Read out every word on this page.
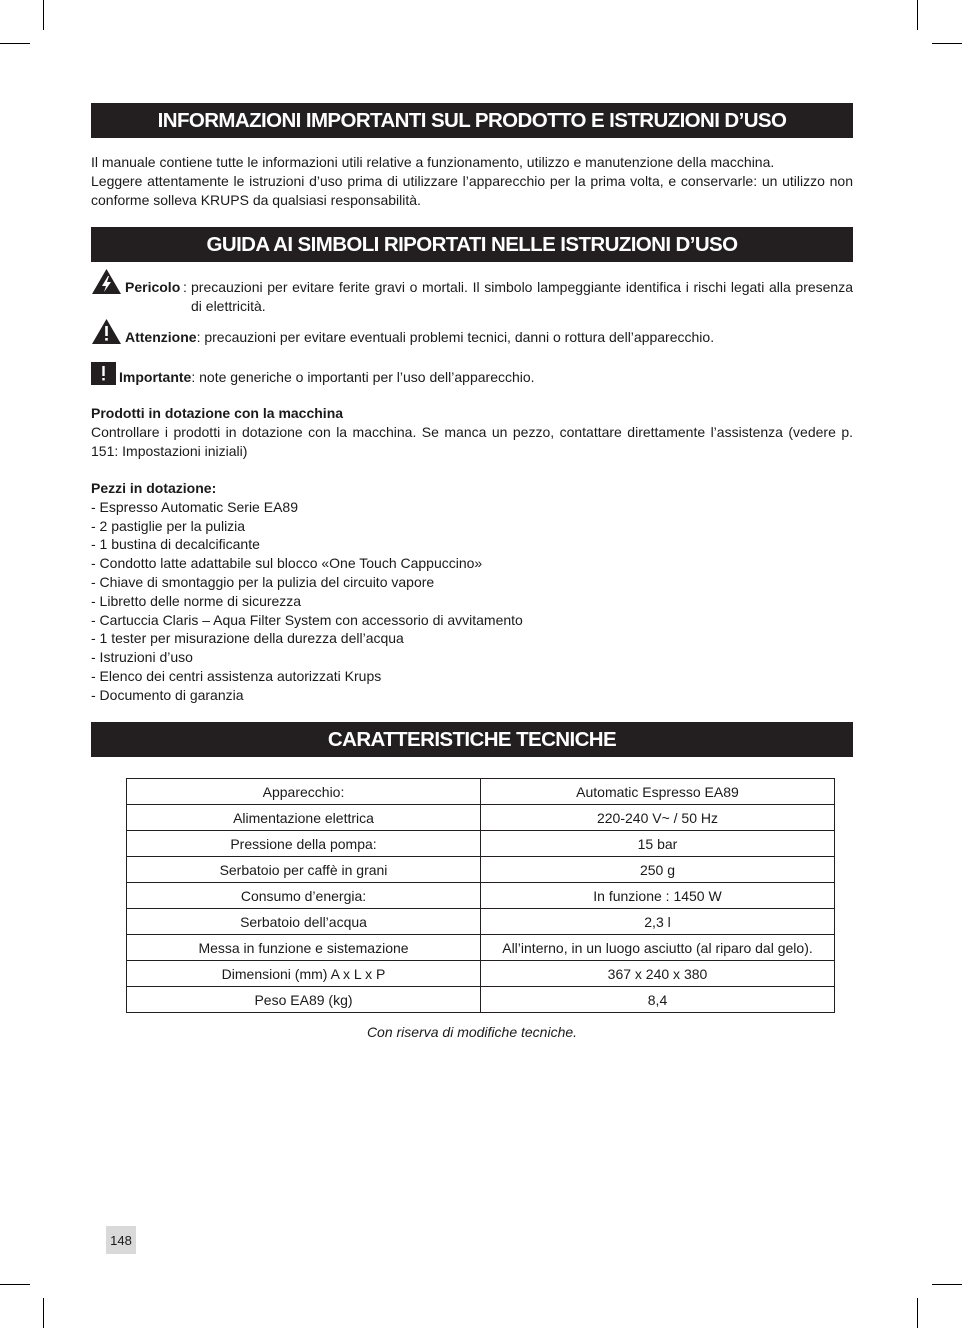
INFORMAZIONI IMPORTANTI SUL PRODOTTO E ISTRUZIONI D’USO

Il manuale contiene tutte le informazioni utili relative a funzionamento, utilizzo e manutenzione della macchina.

Leggere attentamente le istruzioni d’uso prima di utilizzare l’apparecchio per la prima volta, e conservarle: un utilizzo non conforme solleva KRUPS da qualsiasi responsabilità.

GUIDA AI SIMBOLI RIPORTATI NELLE ISTRUZIONI D’USO
Pericolo : precauzioni per evitare ferite gravi o mortali. Il simbolo lampeggiante identifica i rischi legati alla presenza di elettricità.
Attenzione: precauzioni per evitare eventuali problemi tecnici, danni o rottura dell’apparecchio.
Importante: note generiche o importanti per l’uso dell’apparecchio.

Prodotti in dotazione con la macchina

Controllare i prodotti in dotazione con la macchina. Se manca un pezzo, contattare direttamente l’assistenza (vedere p. 151: Impostazioni iniziali)

Pezzi in dotazione:
- Espresso Automatic Serie EA89
- 2 pastiglie per la pulizia
- 1 bustina di decalcificante
- Condotto latte adattabile sul blocco «One Touch Cappuccino»
- Chiave di smontaggio per la pulizia del circuito vapore
- Libretto delle norme di sicurezza
- Cartuccia Claris – Aqua Filter System con accessorio di avvitamento
- 1 tester per misurazione della durezza dell’acqua
- Istruzioni d’uso
- Elenco dei centri assistenza autorizzati Krups
- Documento di garanzia
CARATTERISTICHE TECNICHE
Apparecchio:	Automatic Espresso EA89
Alimentazione elettrica	220-240 V~ / 50 Hz
Pressione della pompa:	15 bar
Serbatoio per caffè in grani	250 g
Consumo d’energia:	In funzione : 1450 W
Serbatoio dell’acqua	2,3 l
Messa in funzione e sistemazione	All’interno, in un luogo asciutto (al riparo dal gelo).
Dimensioni (mm) A x L x P	367 x 240 x 380
Peso EA89 (kg)	8,4
Con riserva di modifiche tecniche.
148
